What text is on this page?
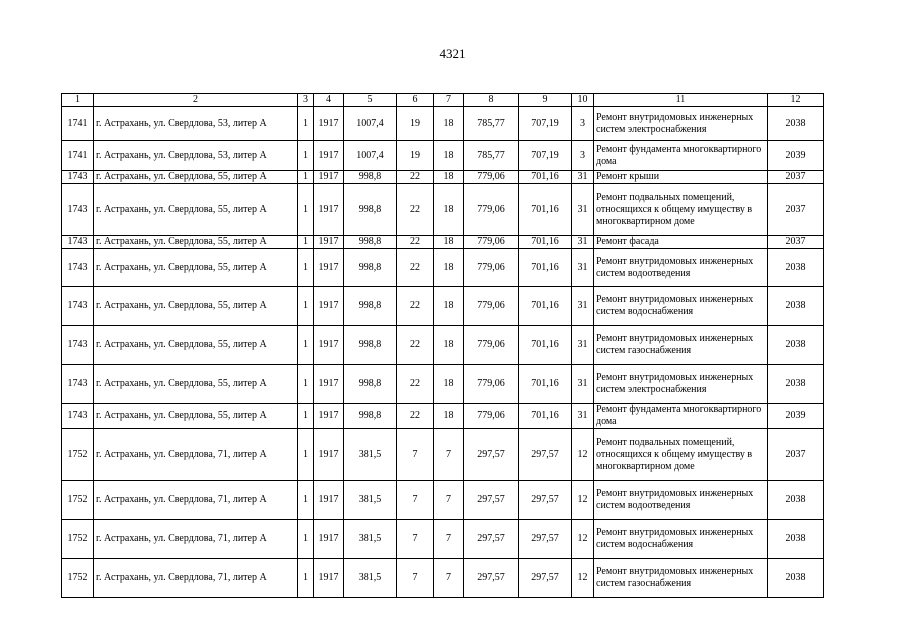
4321
1	2	3	4	5	6	7	8	9	10	11	12
1741	г. Астрахань, ул. Свердлова, 53, литер А	1	1917	1007,4	19	18	785,77	707,19	3	Ремонт внутридомовых инженерных систем электроснабжения	2038
1741	г. Астрахань, ул. Свердлова, 53, литер А	1	1917	1007,4	19	18	785,77	707,19	3	Ремонт фундамента многоквартирного дома	2039
1743	г. Астрахань, ул. Свердлова, 55, литер А	1	1917	998,8	22	18	779,06	701,16	31	Ремонт крыши	2037
1743	г. Астрахань, ул. Свердлова, 55, литер А	1	1917	998,8	22	18	779,06	701,16	31	Ремонт подвальных помещений, относящихся к общему имуществу в многоквартирном доме	2037
1743	г. Астрахань, ул. Свердлова, 55, литер А	1	1917	998,8	22	18	779,06	701,16	31	Ремонт фасада	2037
1743	г. Астрахань, ул. Свердлова, 55, литер А	1	1917	998,8	22	18	779,06	701,16	31	Ремонт внутридомовых инженерных систем водоотведения	2038
1743	г. Астрахань, ул. Свердлова, 55, литер А	1	1917	998,8	22	18	779,06	701,16	31	Ремонт внутридомовых инженерных систем водоснабжения	2038
1743	г. Астрахань, ул. Свердлова, 55, литер А	1	1917	998,8	22	18	779,06	701,16	31	Ремонт внутридомовых инженерных систем газоснабжения	2038
1743	г. Астрахань, ул. Свердлова, 55, литер А	1	1917	998,8	22	18	779,06	701,16	31	Ремонт внутридомовых инженерных систем электроснабжения	2038
1743	г. Астрахань, ул. Свердлова, 55, литер А	1	1917	998,8	22	18	779,06	701,16	31	Ремонт фундамента многоквартирного дома	2039
1752	г. Астрахань, ул. Свердлова, 71, литер А	1	1917	381,5	7	7	297,57	297,57	12	Ремонт подвальных помещений, относящихся к общему имуществу в многоквартирном доме	2037
1752	г. Астрахань, ул. Свердлова, 71, литер А	1	1917	381,5	7	7	297,57	297,57	12	Ремонт внутридомовых инженерных систем водоотведения	2038
1752	г. Астрахань, ул. Свердлова, 71, литер А	1	1917	381,5	7	7	297,57	297,57	12	Ремонт внутридомовых инженерных систем водоснабжения	2038
1752	г. Астрахань, ул. Свердлова, 71, литер А	1	1917	381,5	7	7	297,57	297,57	12	Ремонт внутридомовых инженерных систем газоснабжения	2038
